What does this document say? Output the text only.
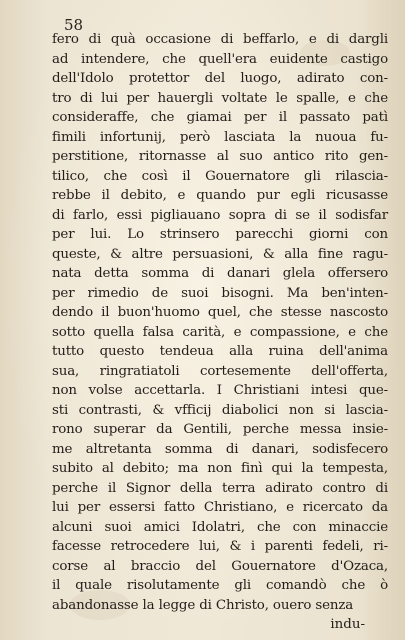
58
fero di quà occasione di beffarlo, e di dargli
ad intendere, che quell'era euidente castigo
dell'Idolo protettor del luogo, adirato con-
tro di lui per hauergli voltate le spalle, e che
consideraffe, che giamai per il passato patì
fimili infortunij, però lasciata la nuoua fu-
perstitione, ritornasse al suo antico rito gen-
tilico, che così il Gouernatore gli rilascia-
rebbe il debito, e quando pur egli ricusasse
di farlo, essi pigliauano sopra di se il sodisfar
per lui. Lo strinsero parecchi giorni con
queste, & altre persuasioni, & alla fine ragu-
nata detta somma di danari glela offersero
per rimedio de suoi bisogni. Ma ben'inten-
dendo il buon'huomo quel, che stesse nascosto
sotto quella falsa carità, e compassione, e che
tutto questo tendeua alla ruina dell'anima
sua, ringratiatoli cortesemente dell'offerta,
non volse accettarla. I Christiani intesi que-
sti contrasti, & vfficij diabolici non si lascia-
rono superar da Gentili, perche messa insie-
me altretanta somma di danari, sodisfecero
subito al debito; ma non finì qui la tempesta,
perche il Signor della terra adirato contro di
lui per essersi fatto Christiano, e ricercato da
alcuni suoi amici Idolatri, che con minaccie
facesse retrocedere lui, & i parenti fedeli, ri-
corse al braccio del Gouernatore d'Ozaca,
il quale risolutamente gli comandò che ò
abandonasse la legge di Christo, ouero senza
indu-
